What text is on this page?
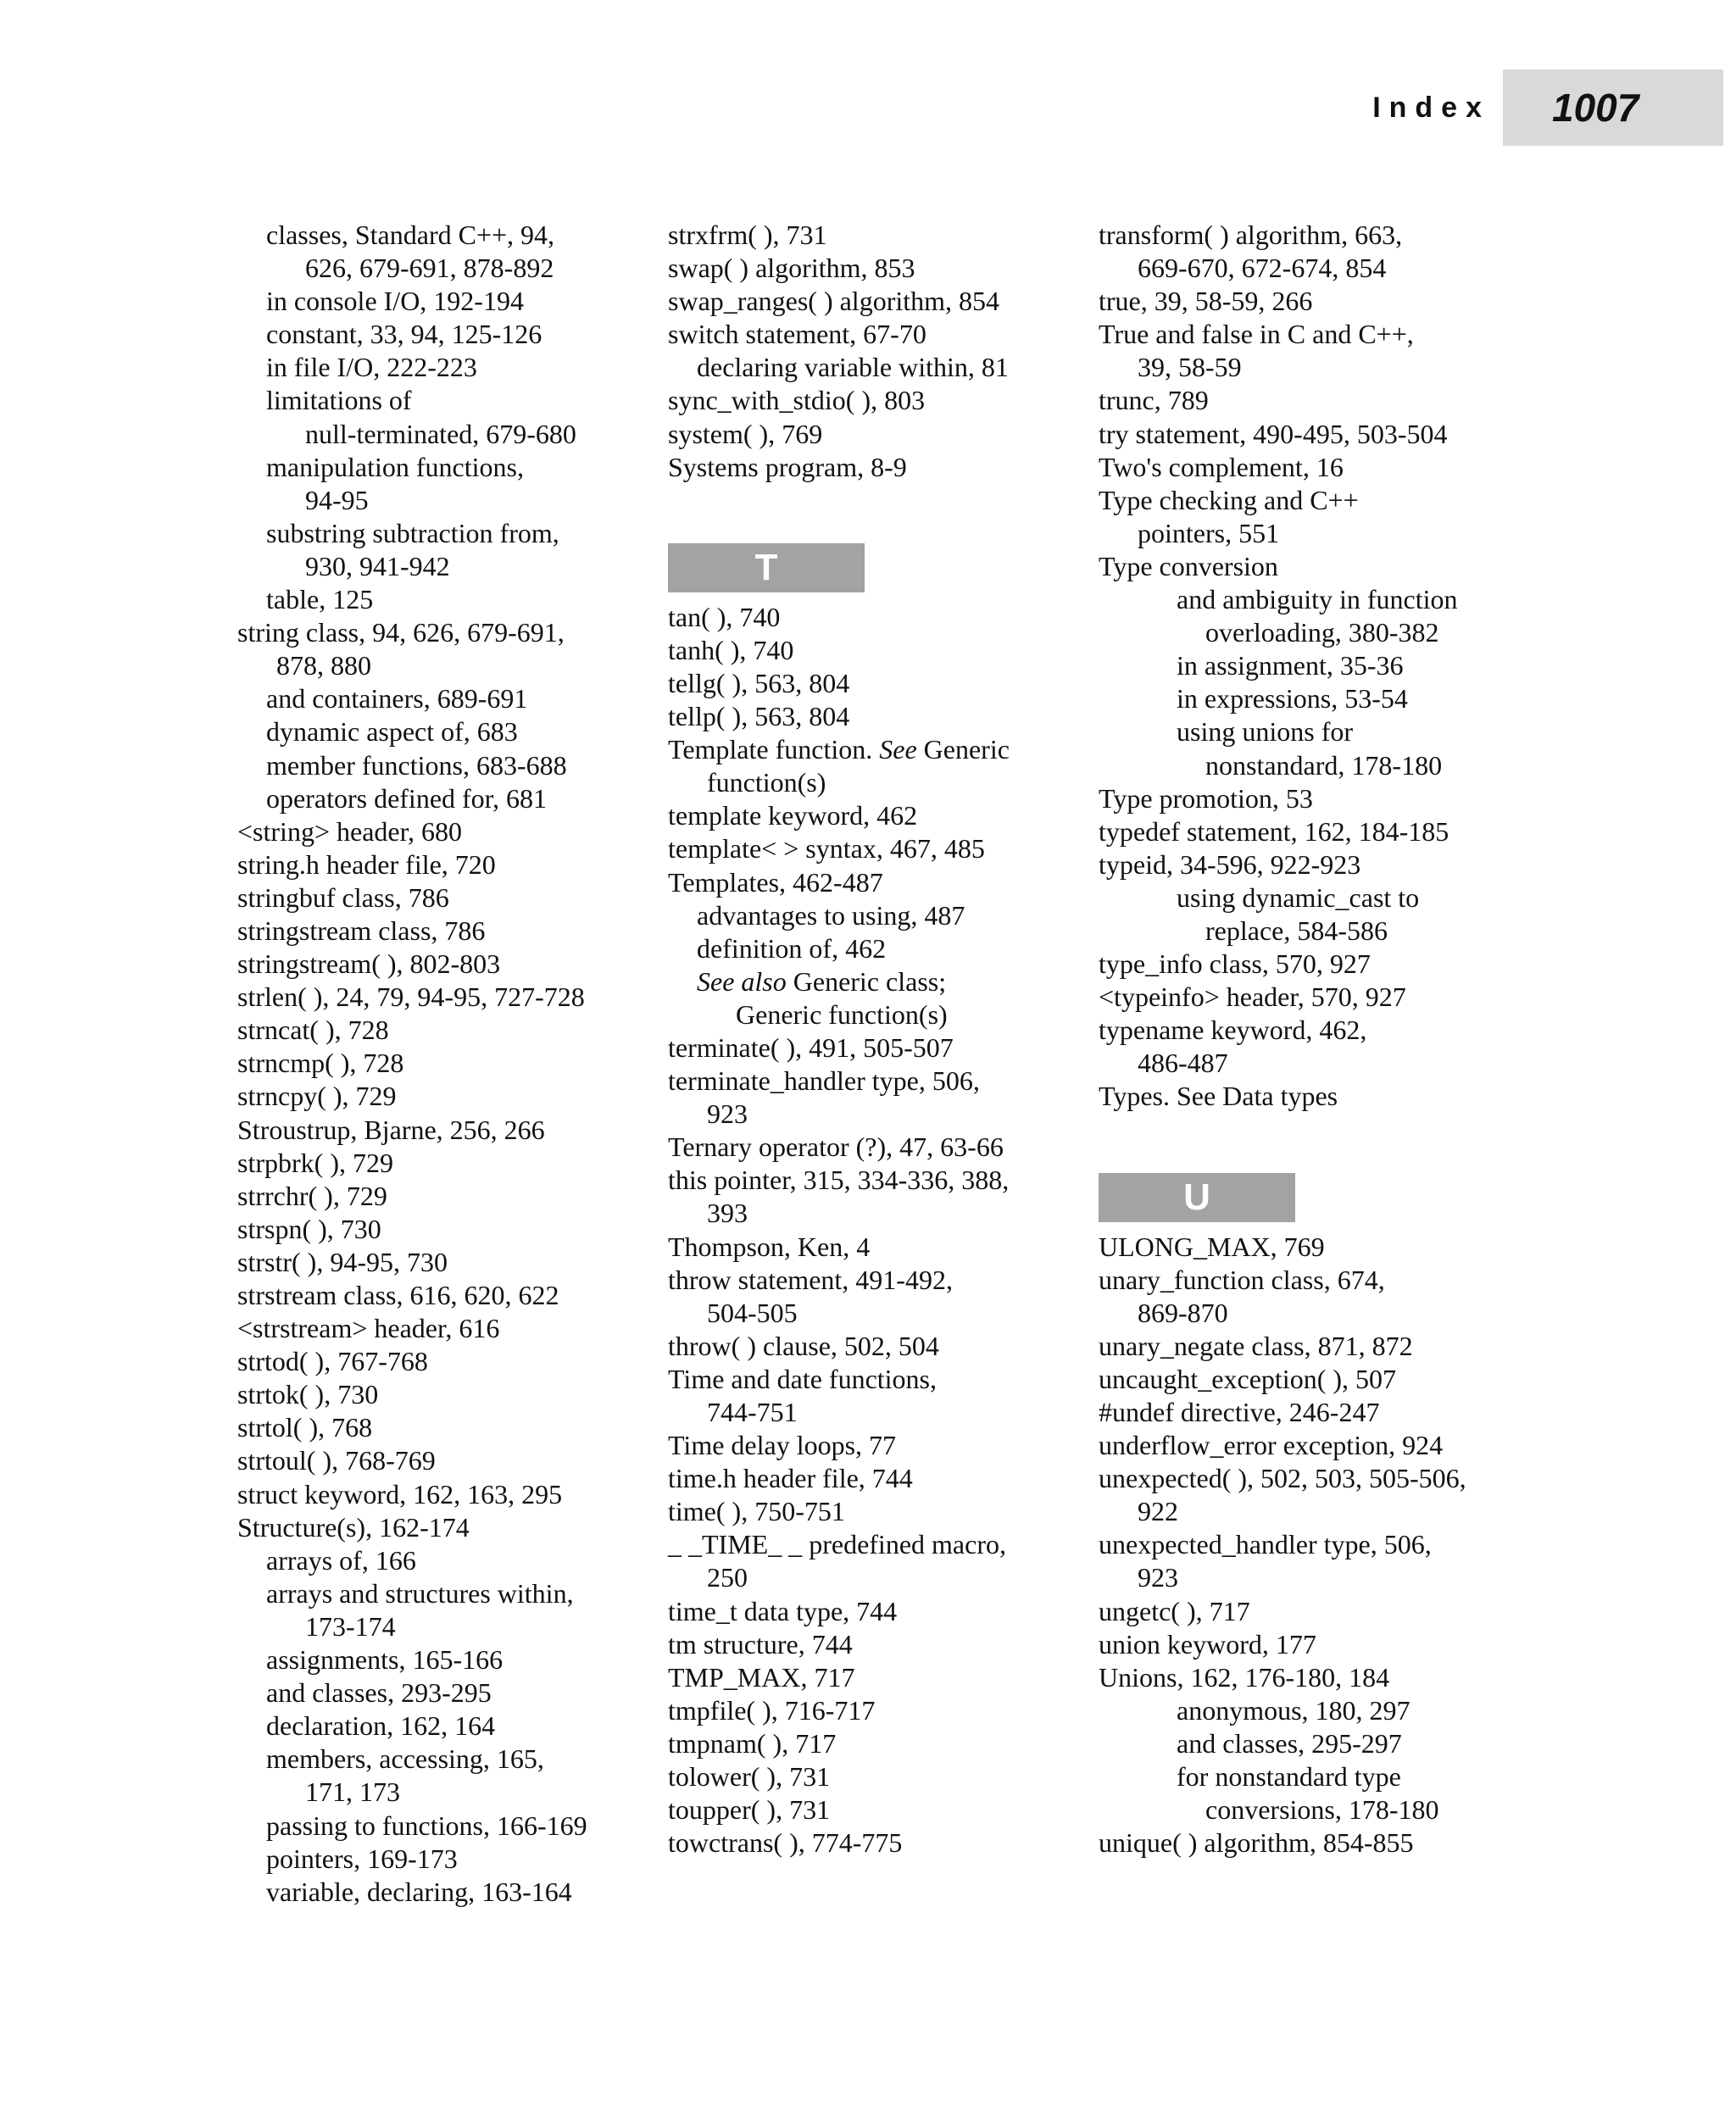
Index 1007
classes, Standard C++, 94,
626, 679-691, 878-892
in console I/O, 192-194
constant, 33, 94, 125-126
in file I/O, 222-223
limitations of
null-terminated, 679-680
manipulation functions,
94-95
substring subtraction from,
930, 941-942
table, 125
string class, 94, 626, 679-691,
878, 880
and containers, 689-691
dynamic aspect of, 683
member functions, 683-688
operators defined for, 681
<string> header, 680
string.h header file, 720
stringbuf class, 786
stringstream class, 786
stringstream( ), 802-803
strlen( ), 24, 79, 94-95, 727-728
strncat( ), 728
strncmp( ), 728
strncpy( ), 729
Stroustrup, Bjarne, 256, 266
strpbrk( ), 729
strrchr( ), 729
strspn( ), 730
strstr( ), 94-95, 730
strstream class, 616, 620, 622
<strstream> header, 616
strtod( ), 767-768
strtok( ), 730
strtol( ), 768
strtoul( ), 768-769
struct keyword, 162, 163, 295
Structure(s), 162-174
arrays of, 166
arrays and structures within,
173-174
assignments, 165-166
and classes, 293-295
declaration, 162, 164
members, accessing, 165,
171, 173
passing to functions, 166-169
pointers, 169-173
variable, declaring, 163-164
strxfrm( ), 731
swap( ) algorithm, 853
swap_ranges( ) algorithm, 854
switch statement, 67-70
declaring variable within, 81
sync_with_stdio( ), 803
system( ), 769
Systems program, 8-9
T
tan( ), 740
tanh( ), 740
tellg( ), 563, 804
tellp( ), 563, 804
Template function. See Generic
function(s)
template keyword, 462
template< > syntax, 467, 485
Templates, 462-487
advantages to using, 487
definition of, 462
See also Generic class;
Generic function(s)
terminate( ), 491, 505-507
terminate_handler type, 506,
923
Ternary operator (?), 47, 63-66
this pointer, 315, 334-336, 388,
393
Thompson, Ken, 4
throw statement, 491-492,
504-505
throw( ) clause, 502, 504
Time and date functions,
744-751
Time delay loops, 77
time.h header file, 744
time( ), 750-751
_ _TIME_ _ predefined macro,
250
time_t data type, 744
tm structure, 744
TMP_MAX, 717
tmpfile( ), 716-717
tmpnam( ), 717
tolower( ), 731
toupper( ), 731
towctrans( ), 774-775
transform( ) algorithm, 663,
669-670, 672-674, 854
true, 39, 58-59, 266
True and false in C and C++,
39, 58-59
trunc, 789
try statement, 490-495, 503-504
Two's complement, 16
Type checking and C++
pointers, 551
Type conversion
and ambiguity in function
overloading, 380-382
in assignment, 35-36
in expressions, 53-54
using unions for
nonstandard, 178-180
Type promotion, 53
typedef statement, 162, 184-185
typeid, 34-596, 922-923
using dynamic_cast to
replace, 584-586
type_info class, 570, 927
<typeinfo> header, 570, 927
typename keyword, 462,
486-487
Types. See Data types
U
ULONG_MAX, 769
unary_function class, 674,
869-870
unary_negate class, 871, 872
uncaught_exception( ), 507
#undef directive, 246-247
underflow_error exception, 924
unexpected( ), 502, 503, 505-506,
922
unexpected_handler type, 506,
923
ungetc( ), 717
union keyword, 177
Unions, 162, 176-180, 184
anonymous, 180, 297
and classes, 295-297
for nonstandard type
conversions, 178-180
unique( ) algorithm, 854-855
